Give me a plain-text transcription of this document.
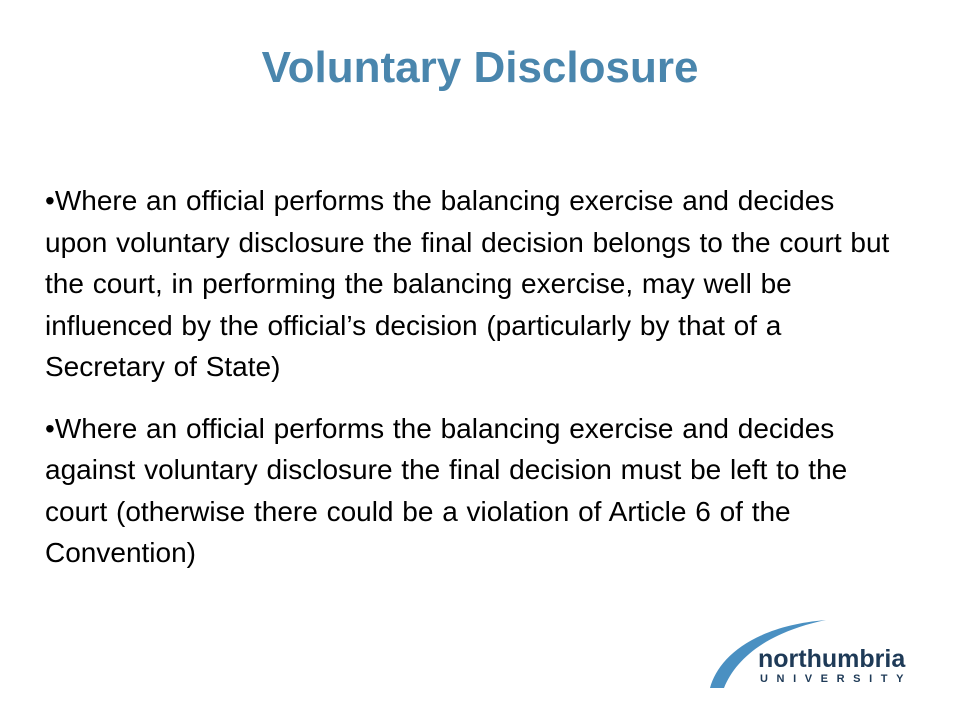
Voluntary Disclosure
•Where an official performs the balancing exercise and decides upon voluntary disclosure the final decision belongs to the court but the court, in performing the balancing exercise, may well be influenced by the official’s decision (particularly by that of a Secretary of State)
•Where an official performs the balancing exercise and decides against voluntary disclosure the final decision must be left to the court (otherwise there could be a violation of Article 6 of the Convention)
northumbria
UNIVERSITY
